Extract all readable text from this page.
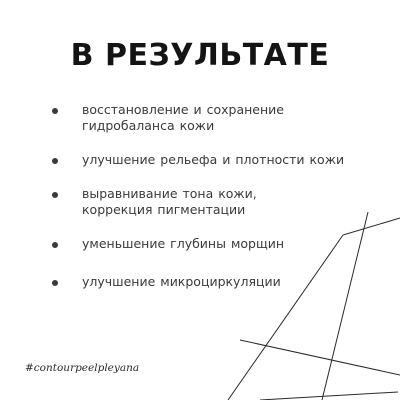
В РЕЗУЛЬТАТЕ
восстановление и сохранение
гидробаланса кожи
улучшение рельефа и плотности кожи
выравнивание тона кожи,
коррекция пигментации
уменьшение глубины морщин
улучшение микроциркуляции
#contourpeelpleyana
